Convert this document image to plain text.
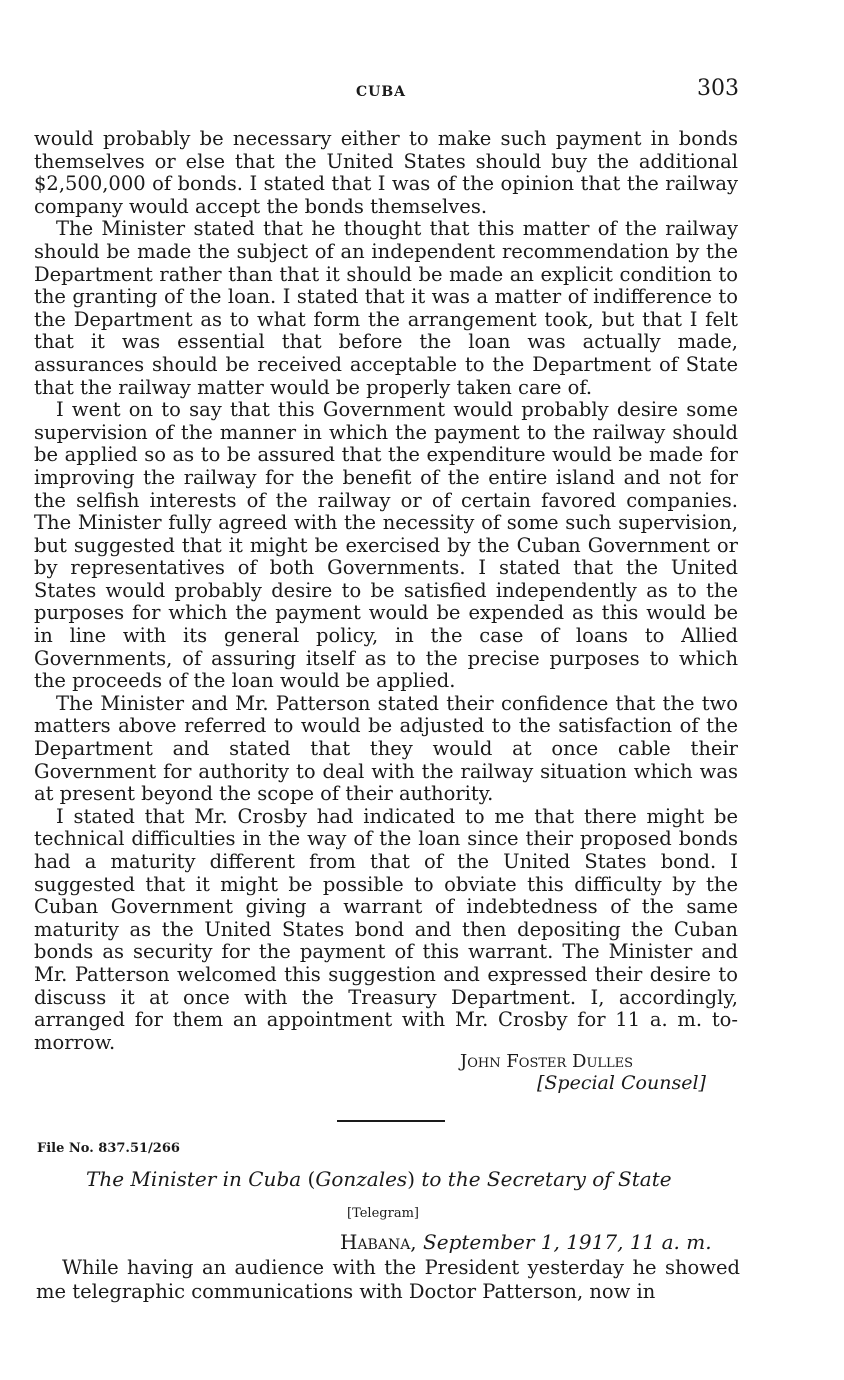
CUBA	303

would probably be necessary either to make such payment in bonds themselves or else that the United States should buy the additional $2,500,000 of bonds. I stated that I was of the opinion that the railway company would accept the bonds themselves.

The Minister stated that he thought that this matter of the railway should be made the subject of an independent recommendation by the Department rather than that it should be made an explicit condition to the granting of the loan. I stated that it was a matter of indifference to the Department as to what form the arrangement took, but that I felt that it was essential that before the loan was actually made, assurances should be received acceptable to the Department of State that the railway matter would be properly taken care of.

I went on to say that this Government would probably desire some supervision of the manner in which the payment to the railway should be applied so as to be assured that the expenditure would be made for improving the railway for the benefit of the entire island and not for the selfish interests of the railway or of certain favored companies. The Minister fully agreed with the necessity of some such supervision, but suggested that it might be exercised by the Cuban Government or by representatives of both Governments. I stated that the United States would probably desire to be satisfied independently as to the purposes for which the payment would be expended as this would be in line with its general policy, in the case of loans to Allied Governments, of assuring itself as to the precise purposes to which the proceeds of the loan would be applied.

The Minister and Mr. Patterson stated their confidence that the two matters above referred to would be adjusted to the satisfaction of the Department and stated that they would at once cable their Government for authority to deal with the railway situation which was at present beyond the scope of their authority.

I stated that Mr. Crosby had indicated to me that there might be technical difficulties in the way of the loan since their proposed bonds had a maturity different from that of the United States bond. I suggested that it might be possible to obviate this difficulty by the Cuban Government giving a warrant of indebtedness of the same maturity as the United States bond and then depositing the Cuban bonds as security for the payment of this warrant. The Minister and Mr. Patterson welcomed this suggestion and expressed their desire to discuss it at once with the Treasury Department. I, accordingly, arranged for them an appointment with Mr. Crosby for 11 a. m. to-morrow.

John Foster Dulles
[Special Counsel]
File No. 837.51/266
The Minister in Cuba (Gonzales) to the Secretary of State
[Telegram]
Habana, September 1, 1917, 11 a. m.

While having an audience with the President yesterday he showed me telegraphic communications with Doctor Patterson, now in
